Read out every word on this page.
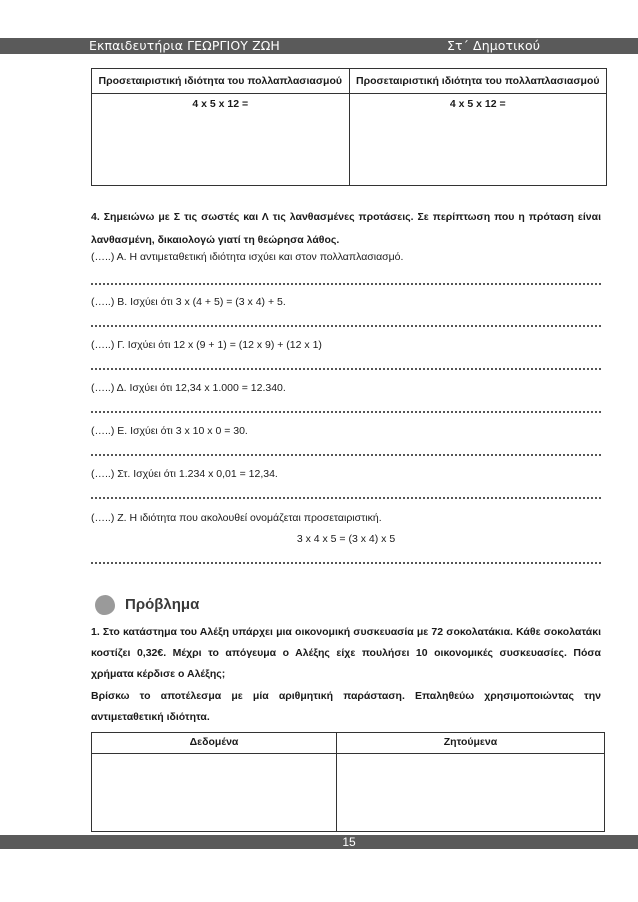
Εκπαιδευτήρια ΓΕΩΡΓΙΟΥ ΖΩΗ	Στ΄ Δημοτικού
Προσεταιριστική ιδιότητα του πολλαπλασιασμού	Προσεταιριστική ιδιότητα του πολλαπλασιασμού

4 x 5 x 12 =	4 x 5 x 12 =
4. Σημειώνω με Σ τις σωστές και Λ τις λανθασμένες προτάσεις. Σε περίπτωση που η πρόταση είναι λανθασμένη, δικαιολογώ γιατί τη θεώρησα λάθος.
(…..) Α. Η αντιμεταθετική ιδιότητα ισχύει και στον πολλαπλασιασμό.
(…..) Β. Ισχύει ότι 3 x (4 + 5) = (3 x 4) + 5.
(…..) Γ. Ισχύει ότι 12 x (9 + 1) = (12 x 9) + (12 x 1)
(…..) Δ. Ισχύει ότι 12,34 x 1.000 = 12.340.
(…..) Ε. Ισχύει ότι 3 x 10 x 0 = 30.
(…..) Στ. Ισχύει ότι 1.234 x 0,01 = 12,34.
(…..) Ζ. Η ιδιότητα που ακολουθεί ονομάζεται προσεταιριστική.
3 x 4 x 5 = (3 x 4) x 5
Πρόβλημα
1. Στο κατάστημα του Αλέξη υπάρχει μια οικονομική συσκευασία με 72 σοκολατάκια. Κάθε σοκολατάκι κοστίζει 0,32€. Μέχρι το απόγευμα ο Αλέξης είχε πουλήσει 10 οικονομικές συσκευασίες. Πόσα χρήματα κέρδισε ο Αλέξης;
Βρίσκω το αποτέλεσμα με μία αριθμητική παράσταση. Επαληθεύω χρησιμοποιώντας την αντιμεταθετική ιδιότητα.
Δεδομένα	Ζητούμενα

15
